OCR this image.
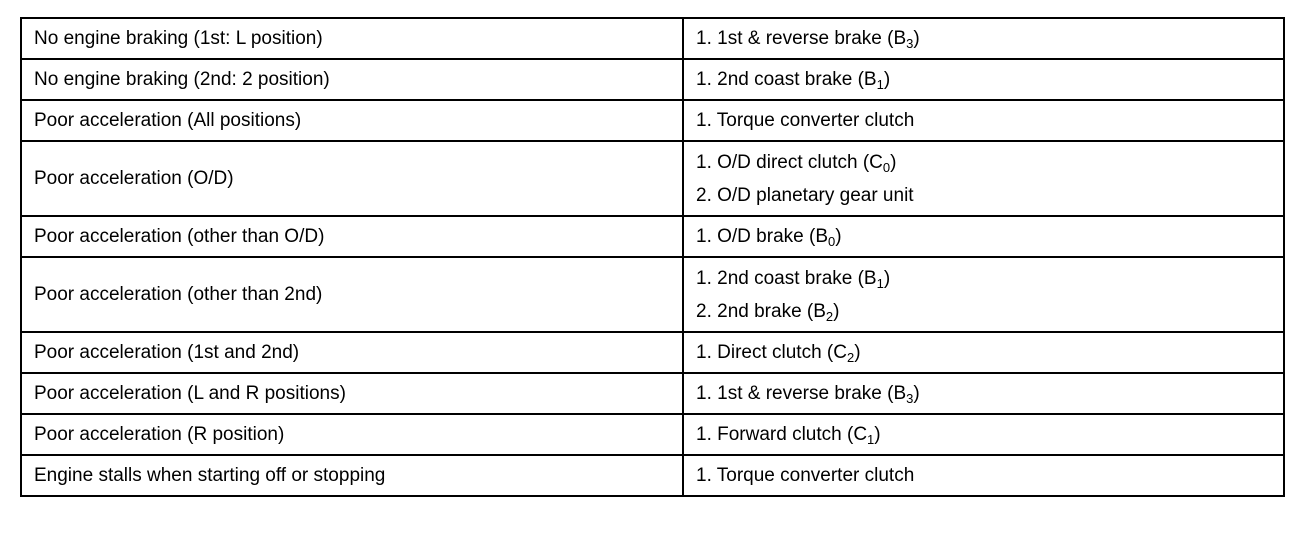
No engine braking (1st: L position)	1. 1st & reverse brake $(B_3)$

No engine braking (2nd: 2 position)	1. 2nd coast brake $(B_1)$

Poor acceleration (All positions)	1. Torque converter clutch

Poor acceleration (O/D)	1. O/D direct clutch $(C_0)$
2. O/D planetary gear unit

Poor acceleration (other than O/D)	1. O/D brake $(B_0)$

Poor acceleration (other than 2nd)	1. 2nd coast brake $(B_1)$
2. 2nd brake $(B_2)$

Poor acceleration (1st and 2nd)	1. Direct clutch $(C_2)$

Poor acceleration (L and R positions)	1. 1st & reverse brake $(B_3)$

Poor acceleration (R position)	1. Forward clutch $(C_1)$

Engine stalls when starting off or stopping	1. Torque converter clutch
